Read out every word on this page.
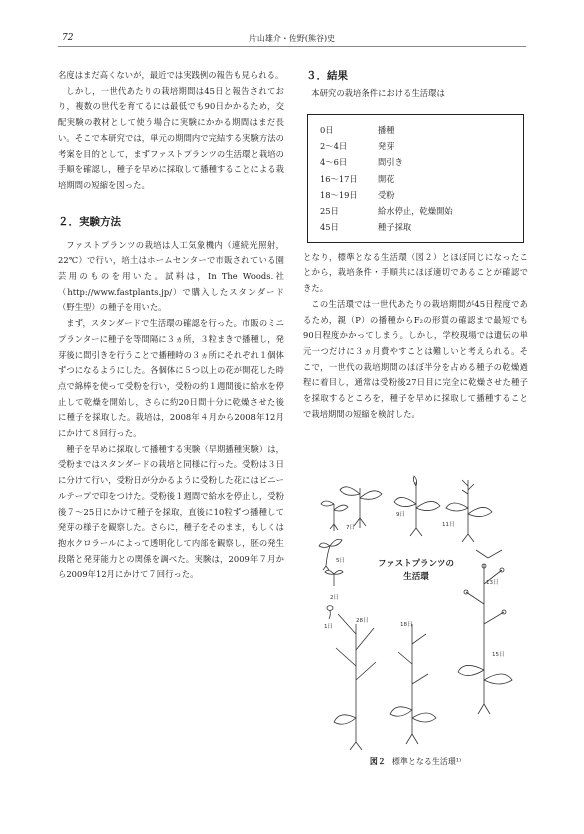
72	片山雄介・佐野(熊谷)史

名度はまだ高くないが，最近では実践例の報告も見られる。

しかし，一世代あたりの栽培期間は45日と報告されており，複数の世代を育てるには最低でも90日かかるため，交配実験の教材として使う場合に実験にかかる期間はまだ長い。そこで本研究では，単元の期間内で完結する実験方法の考案を目的として，まずファストプランツの生活環と栽培の手順を確認し，種子を早めに採取して播種することによる栽培期間の短縮を図った。

２．実験方法

ファストプランツの栽培は人工気象機内（連続光照射，22℃）で行い，培土はホームセンターで市販されている園芸用のものを用いた。試料は，In The Woods.社（http://www.fastplants.jp/）で購入したスタンダード（野生型）の種子を用いた。

まず，スタンダードで生活環の確認を行った。市販のミニプランターに種子を等間隔に３ヵ所，３粒まきで播種し，発芽後に間引きを行うことで播種時の３ヵ所にそれぞれ１個体ずつになるようにした。各個体に５つ以上の花が開花した時点で綿棒を使って受粉を行い，受粉の約１週間後に給水を停止して乾燥を開始し，さらに約20日間十分に乾燥させた後に種子を採取した。栽培は，2008年４月から2008年12月にかけて８回行った。

種子を早めに採取して播種する実験（早期播種実験）は，受粉まではスタンダードの栽培と同様に行った。受粉は３日に分けて行い，受粉日が分かるように受粉した花にはビニールテープで印をつけた。受粉後１週間で給水を停止し，受粉後７～25日にかけて種子を採取，直後に10粒ずつ播種して発芽の様子を観察した。さらに，種子をそのまま，もしくは抱水クロラールによって透明化して内部を観察し，胚の発生段階と発芽能力との関係を調べた。実験は，2009年７月から2009年12月にかけて７回行った。

３．結果

本研究の栽培条件における生活環は

0日	播種
2～4日	発芽
4～6日	間引き
16～17日	開花
18～19日	受粉
25日	給水停止，乾燥開始
45日	種子採取

となり，標準となる生活環（図２）とほぼ同じになったことから，栽培条件・手順共にほぼ適切であることが確認できた。

この生活環では一世代あたりの栽培期間が45日程度であるため，親（P）の播種からF₂の形質の確認まで最短でも90日程度かかってしまう。しかし，学校現場では遺伝の単元一つだけに３ヵ月費やすことは難しいと考えられる。そこで，一世代の栽培期間のほぼ半分を占める種子の乾燥過程に着目し，通常は受粉後27日目に完全に乾燥させた種子を採取するところを，種子を早めに採取して播種することで栽培期間の短縮を検討した。

1日
2日
5日
7日
9日
11日
13日
15日
18日
28日
ファストプランツの
生活環
図２ 標準となる生活環¹⁾
